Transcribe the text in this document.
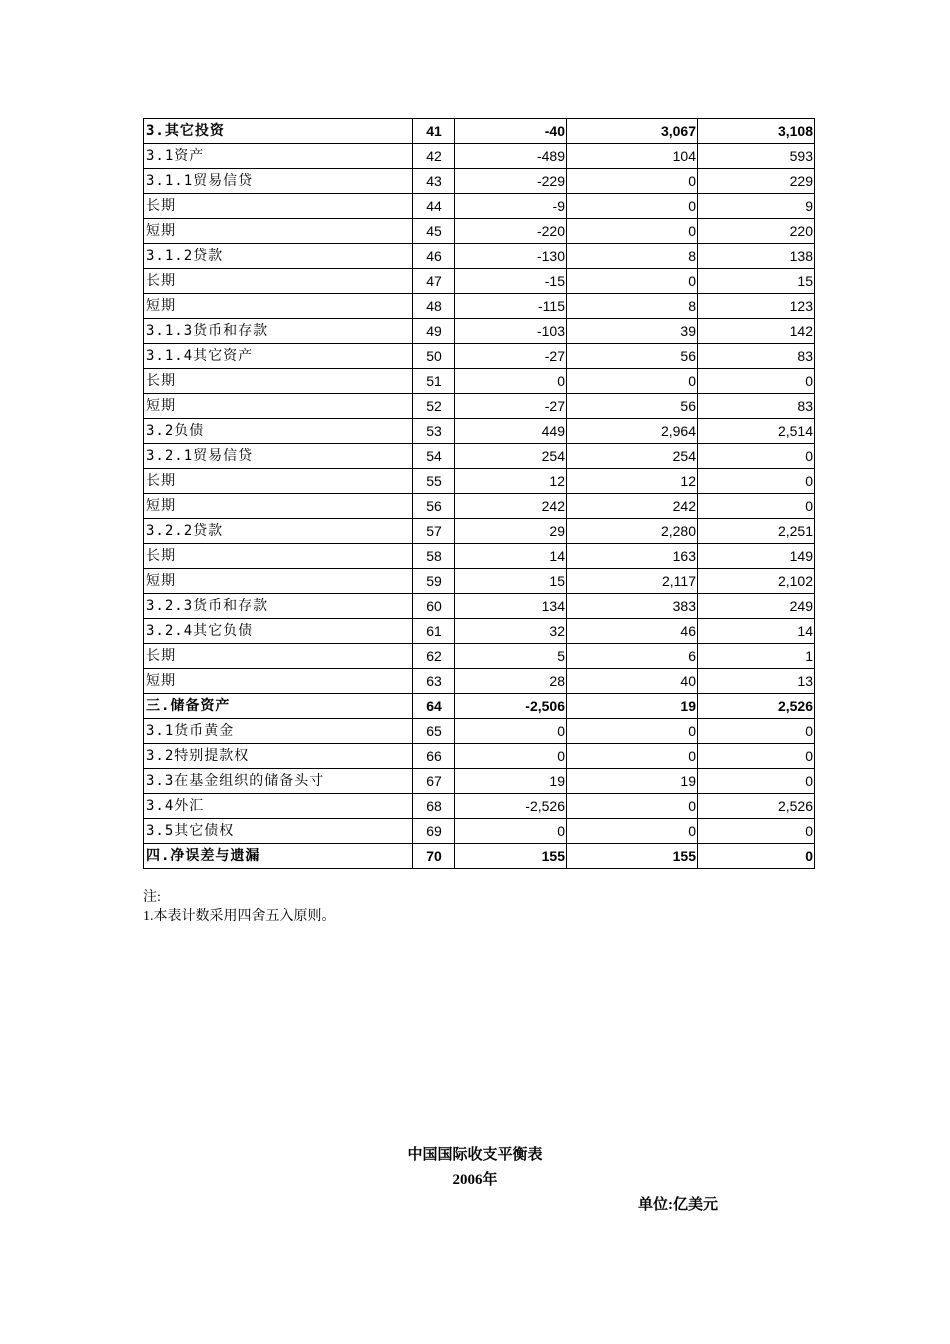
3.其它投资	41	-40	3,067	3,108
3.1资产	42	-489	104	593
3.1.1贸易信贷	43	-229	0	229
长期	44	-9	0	9
短期	45	-220	0	220
3.1.2贷款	46	-130	8	138
长期	47	-15	0	15
短期	48	-115	8	123
3.1.3货币和存款	49	-103	39	142
3.1.4其它资产	50	-27	56	83
长期	51	0	0	0
短期	52	-27	56	83
3.2负债	53	449	2,964	2,514
3.2.1贸易信贷	54	254	254	0
长期	55	12	12	0
短期	56	242	242	0
3.2.2贷款	57	29	2,280	2,251
长期	58	14	163	149
短期	59	15	2,117	2,102
3.2.3货币和存款	60	134	383	249
3.2.4其它负债	61	32	46	14
长期	62	5	6	1
短期	63	28	40	13
三.储备资产	64	-2,506	19	2,526
3.1货币黄金	65	0	0	0
3.2特别提款权	66	0	0	0
3.3在基金组织的储备头寸	67	19	19	0
3.4外汇	68	-2,526	0	2,526
3.5其它债权	69	0	0	0
四.净误差与遗漏	70	155	155	0
注:
1.本表计数采用四舍五入原则。
中国国际收支平衡表
2006年
单位:亿美元
